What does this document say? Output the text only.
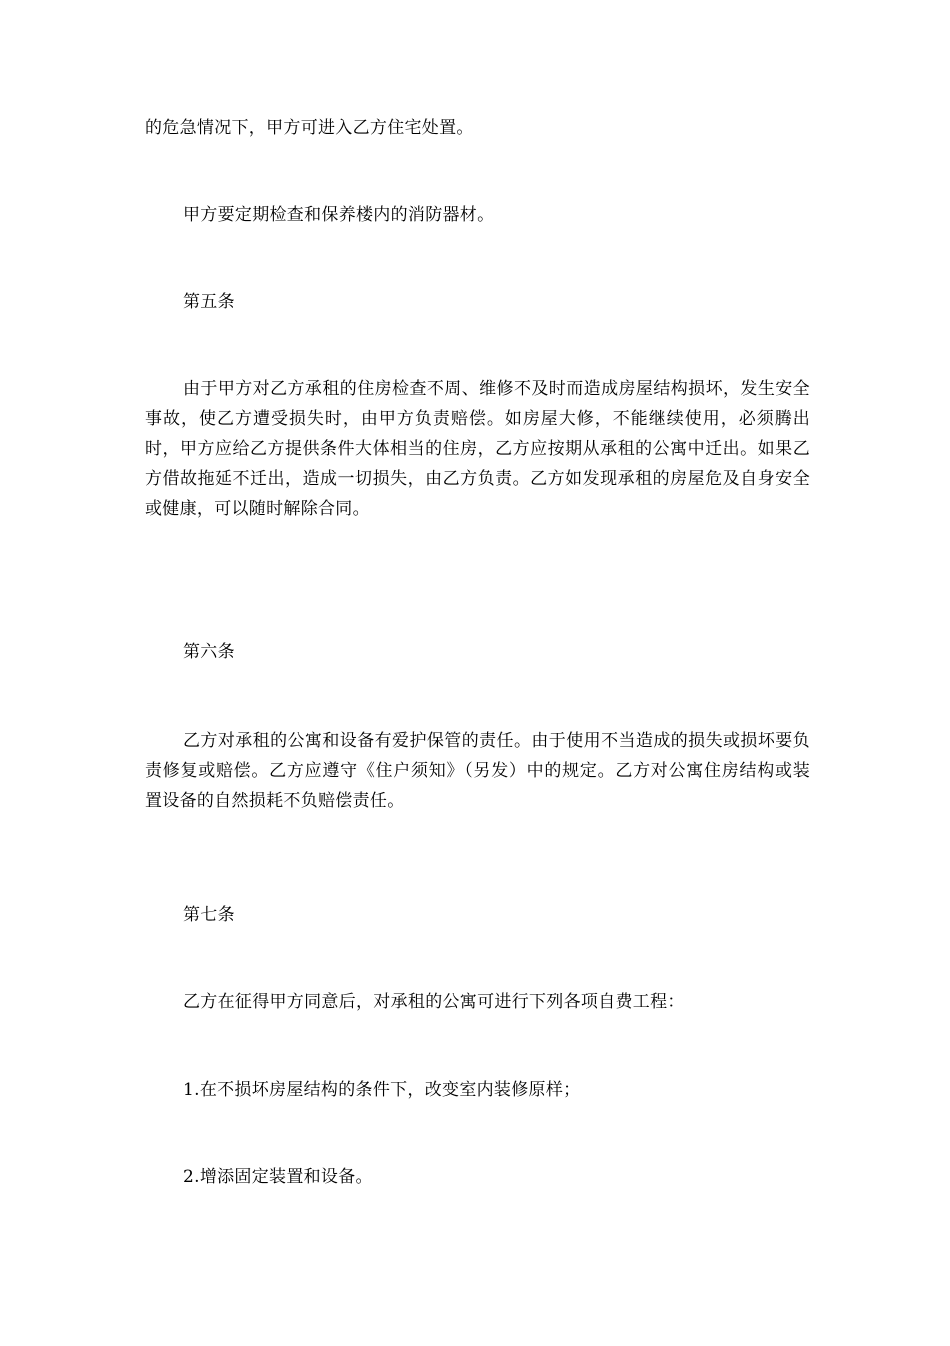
的危急情况下，甲方可进入乙方住宅处置。

甲方要定期检查和保养楼内的消防器材。

第五条

由于甲方对乙方承租的住房检查不周、维修不及时而造成房屋结构损坏，发生安全事故，使乙方遭受损失时，由甲方负责赔偿。如房屋大修，不能继续使用，必须腾出时，甲方应给乙方提供条件大体相当的住房，乙方应按期从承租的公寓中迁出。如果乙方借故拖延不迁出，造成一切损失，由乙方负责。乙方如发现承租的房屋危及自身安全或健康，可以随时解除合同。

第六条

乙方对承租的公寓和设备有爱护保管的责任。由于使用不当造成的损失或损坏要负责修复或赔偿。乙方应遵守《住户须知》（另发）中的规定。乙方对公寓住房结构或装置设备的自然损耗不负赔偿责任。

第七条

乙方在征得甲方同意后，对承租的公寓可进行下列各项自费工程：

1.在不损坏房屋结构的条件下，改变室内装修原样；

2.增添固定装置和设备。
